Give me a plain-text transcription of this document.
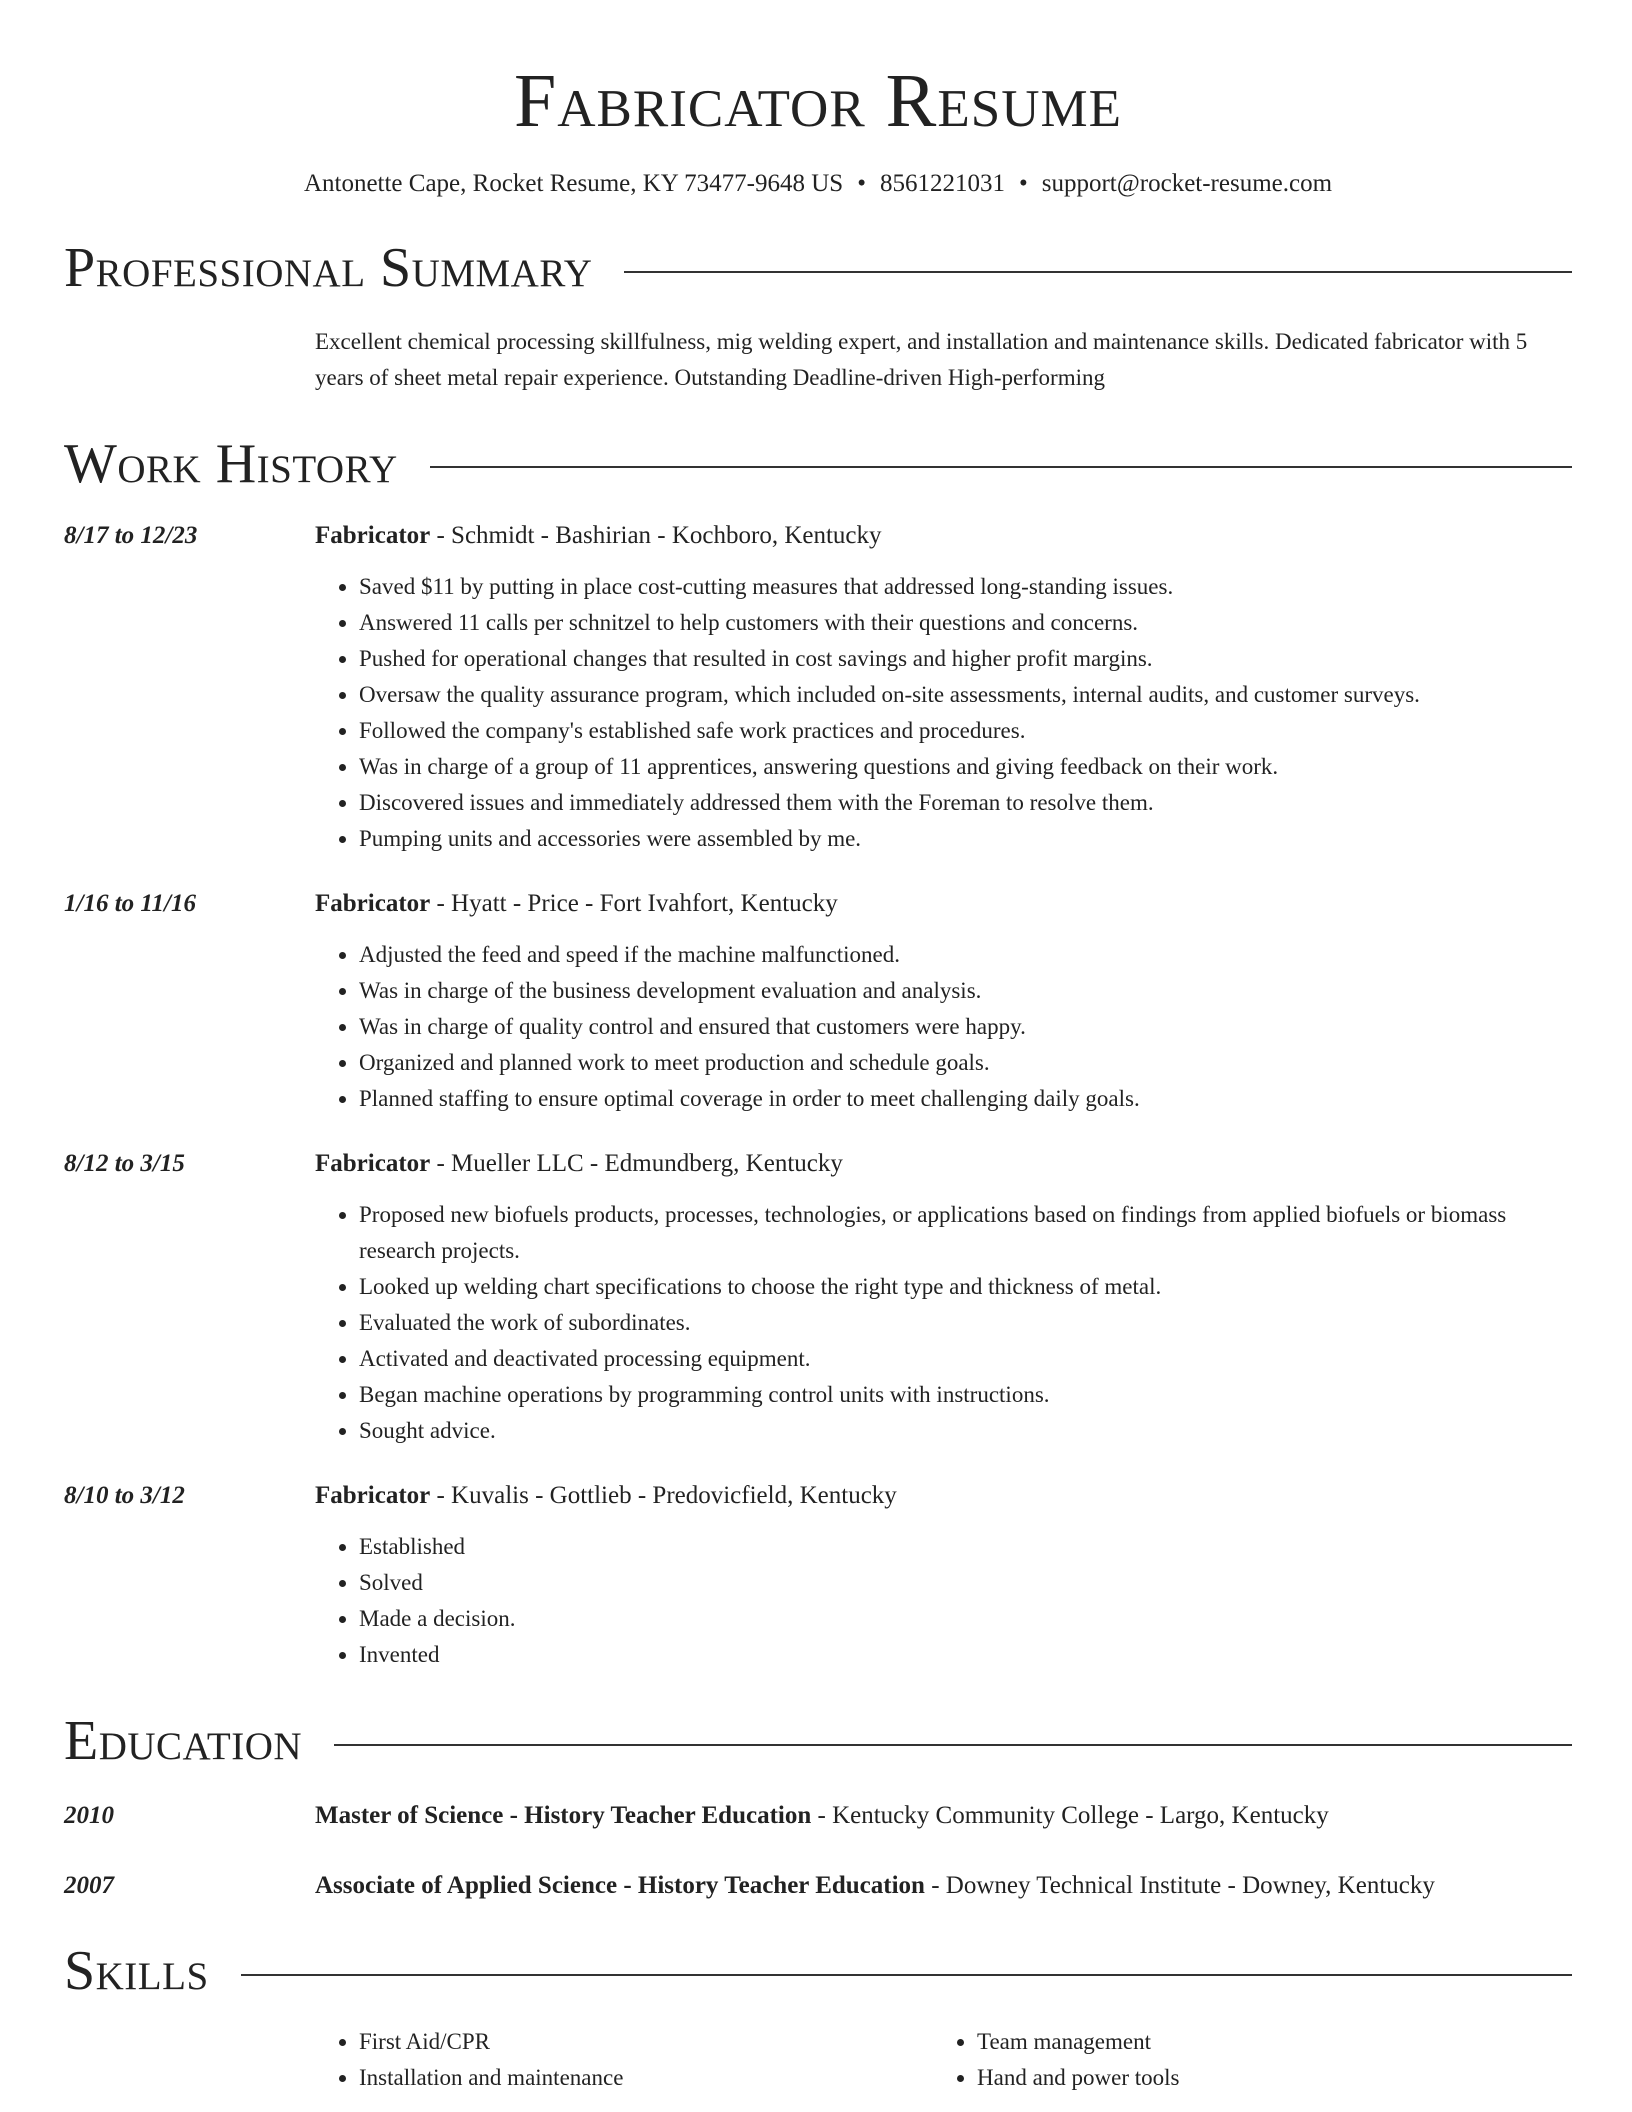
Fabricator Resume
Antonette Cape, Rocket Resume, KY 73477-9648 US • 8561221031 • support@rocket-resume.com
Professional Summary
Excellent chemical processing skillfulness, mig welding expert, and installation and maintenance skills. Dedicated fabricator with 5 years of sheet metal repair experience. Outstanding Deadline-driven High-performing
Work History
8/17 to 12/23	Fabricator - Schmidt - Bashirian - Kochboro, Kentucky
• Saved $11 by putting in place cost-cutting measures that addressed long-standing issues.
• Answered 11 calls per schnitzel to help customers with their questions and concerns.
• Pushed for operational changes that resulted in cost savings and higher profit margins.
• Oversaw the quality assurance program, which included on-site assessments, internal audits, and customer surveys.
• Followed the company's established safe work practices and procedures.
• Was in charge of a group of 11 apprentices, answering questions and giving feedback on their work.
• Discovered issues and immediately addressed them with the Foreman to resolve them.
• Pumping units and accessories were assembled by me.
1/16 to 11/16	Fabricator - Hyatt - Price - Fort Ivahfort, Kentucky
• Adjusted the feed and speed if the machine malfunctioned.
• Was in charge of the business development evaluation and analysis.
• Was in charge of quality control and ensured that customers were happy.
• Organized and planned work to meet production and schedule goals.
• Planned staffing to ensure optimal coverage in order to meet challenging daily goals.
8/12 to 3/15	Fabricator - Mueller LLC - Edmundberg, Kentucky
• Proposed new biofuels products, processes, technologies, or applications based on findings from applied biofuels or biomass research projects.
• Looked up welding chart specifications to choose the right type and thickness of metal.
• Evaluated the work of subordinates.
• Activated and deactivated processing equipment.
• Began machine operations by programming control units with instructions.
• Sought advice.
8/10 to 3/12	Fabricator - Kuvalis - Gottlieb - Predovicfield, Kentucky
• Established
• Solved
• Made a decision.
• Invented
Education
2010	Master of Science - History Teacher Education - Kentucky Community College - Largo, Kentucky
2007	Associate of Applied Science - History Teacher Education - Downey Technical Institute - Downey, Kentucky
Skills
• First Aid/CPR
• Installation and maintenance
• Team management
• Hand and power tools
